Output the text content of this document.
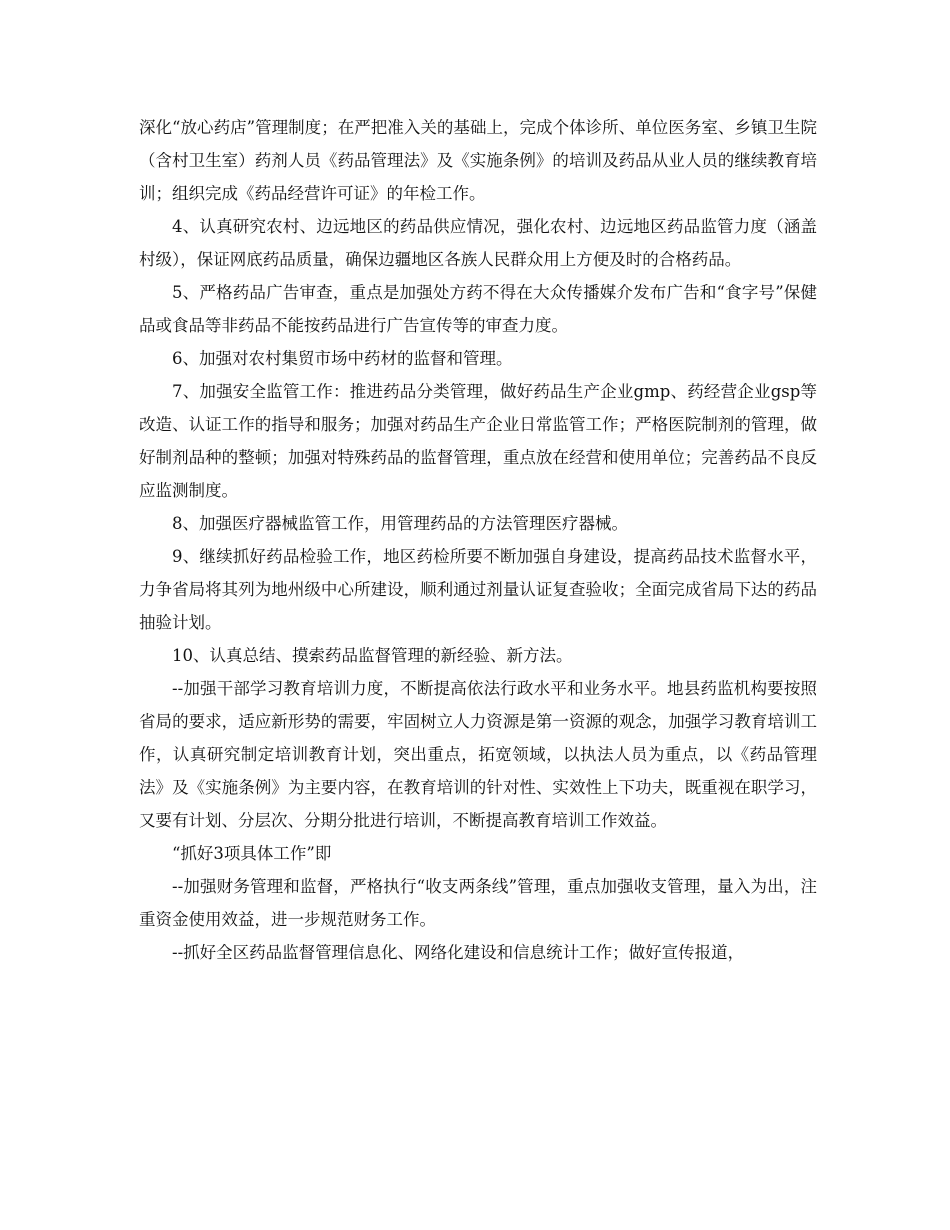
深化“放心药店”管理制度；在严把准入关的基础上，完成个体诊所、单位医务室、乡镇卫生院（含村卫生室）药剂人员《药品管理法》及《实施条例》的培训及药品从业人员的继续教育培训；组织完成《药品经营许可证》的年检工作。

4、认真研究农村、边远地区的药品供应情况，强化农村、边远地区药品监管力度（涵盖村级），保证网底药品质量，确保边疆地区各族人民群众用上方便及时的合格药品。

5、严格药品广告审查，重点是加强处方药不得在大众传播媒介发布广告和“食字号”保健品或食品等非药品不能按药品进行广告宣传等的审查力度。

6、加强对农村集贸市场中药材的监督和管理。

7、加强安全监管工作：推进药品分类管理，做好药品生产企业gmp、药经营企业gsp等改造、认证工作的指导和服务；加强对药品生产企业日常监管工作；严格医院制剂的管理，做好制剂品种的整顿；加强对特殊药品的监督管理，重点放在经营和使用单位；完善药品不良反应监测制度。

8、加强医疗器械监管工作，用管理药品的方法管理医疗器械。

9、继续抓好药品检验工作，地区药检所要不断加强自身建设，提高药品技术监督水平，力争省局将其列为地州级中心所建设，顺利通过剂量认证复查验收；全面完成省局下达的药品抽验计划。

10、认真总结、摸索药品监督管理的新经验、新方法。

--加强干部学习教育培训力度，不断提高依法行政水平和业务水平。地县药监机构要按照省局的要求，适应新形势的需要，牢固树立人力资源是第一资源的观念，加强学习教育培训工作，认真研究制定培训教育计划，突出重点，拓宽领域，以执法人员为重点，以《药品管理法》及《实施条例》为主要内容，在教育培训的针对性、实效性上下功夫，既重视在职学习，又要有计划、分层次、分期分批进行培训，不断提高教育培训工作效益。

“抓好3项具体工作”即

--加强财务管理和监督，严格执行“收支两条线”管理，重点加强收支管理，量入为出，注重资金使用效益，进一步规范财务工作。

--抓好全区药品监督管理信息化、网络化建设和信息统计工作；做好宣传报道，
